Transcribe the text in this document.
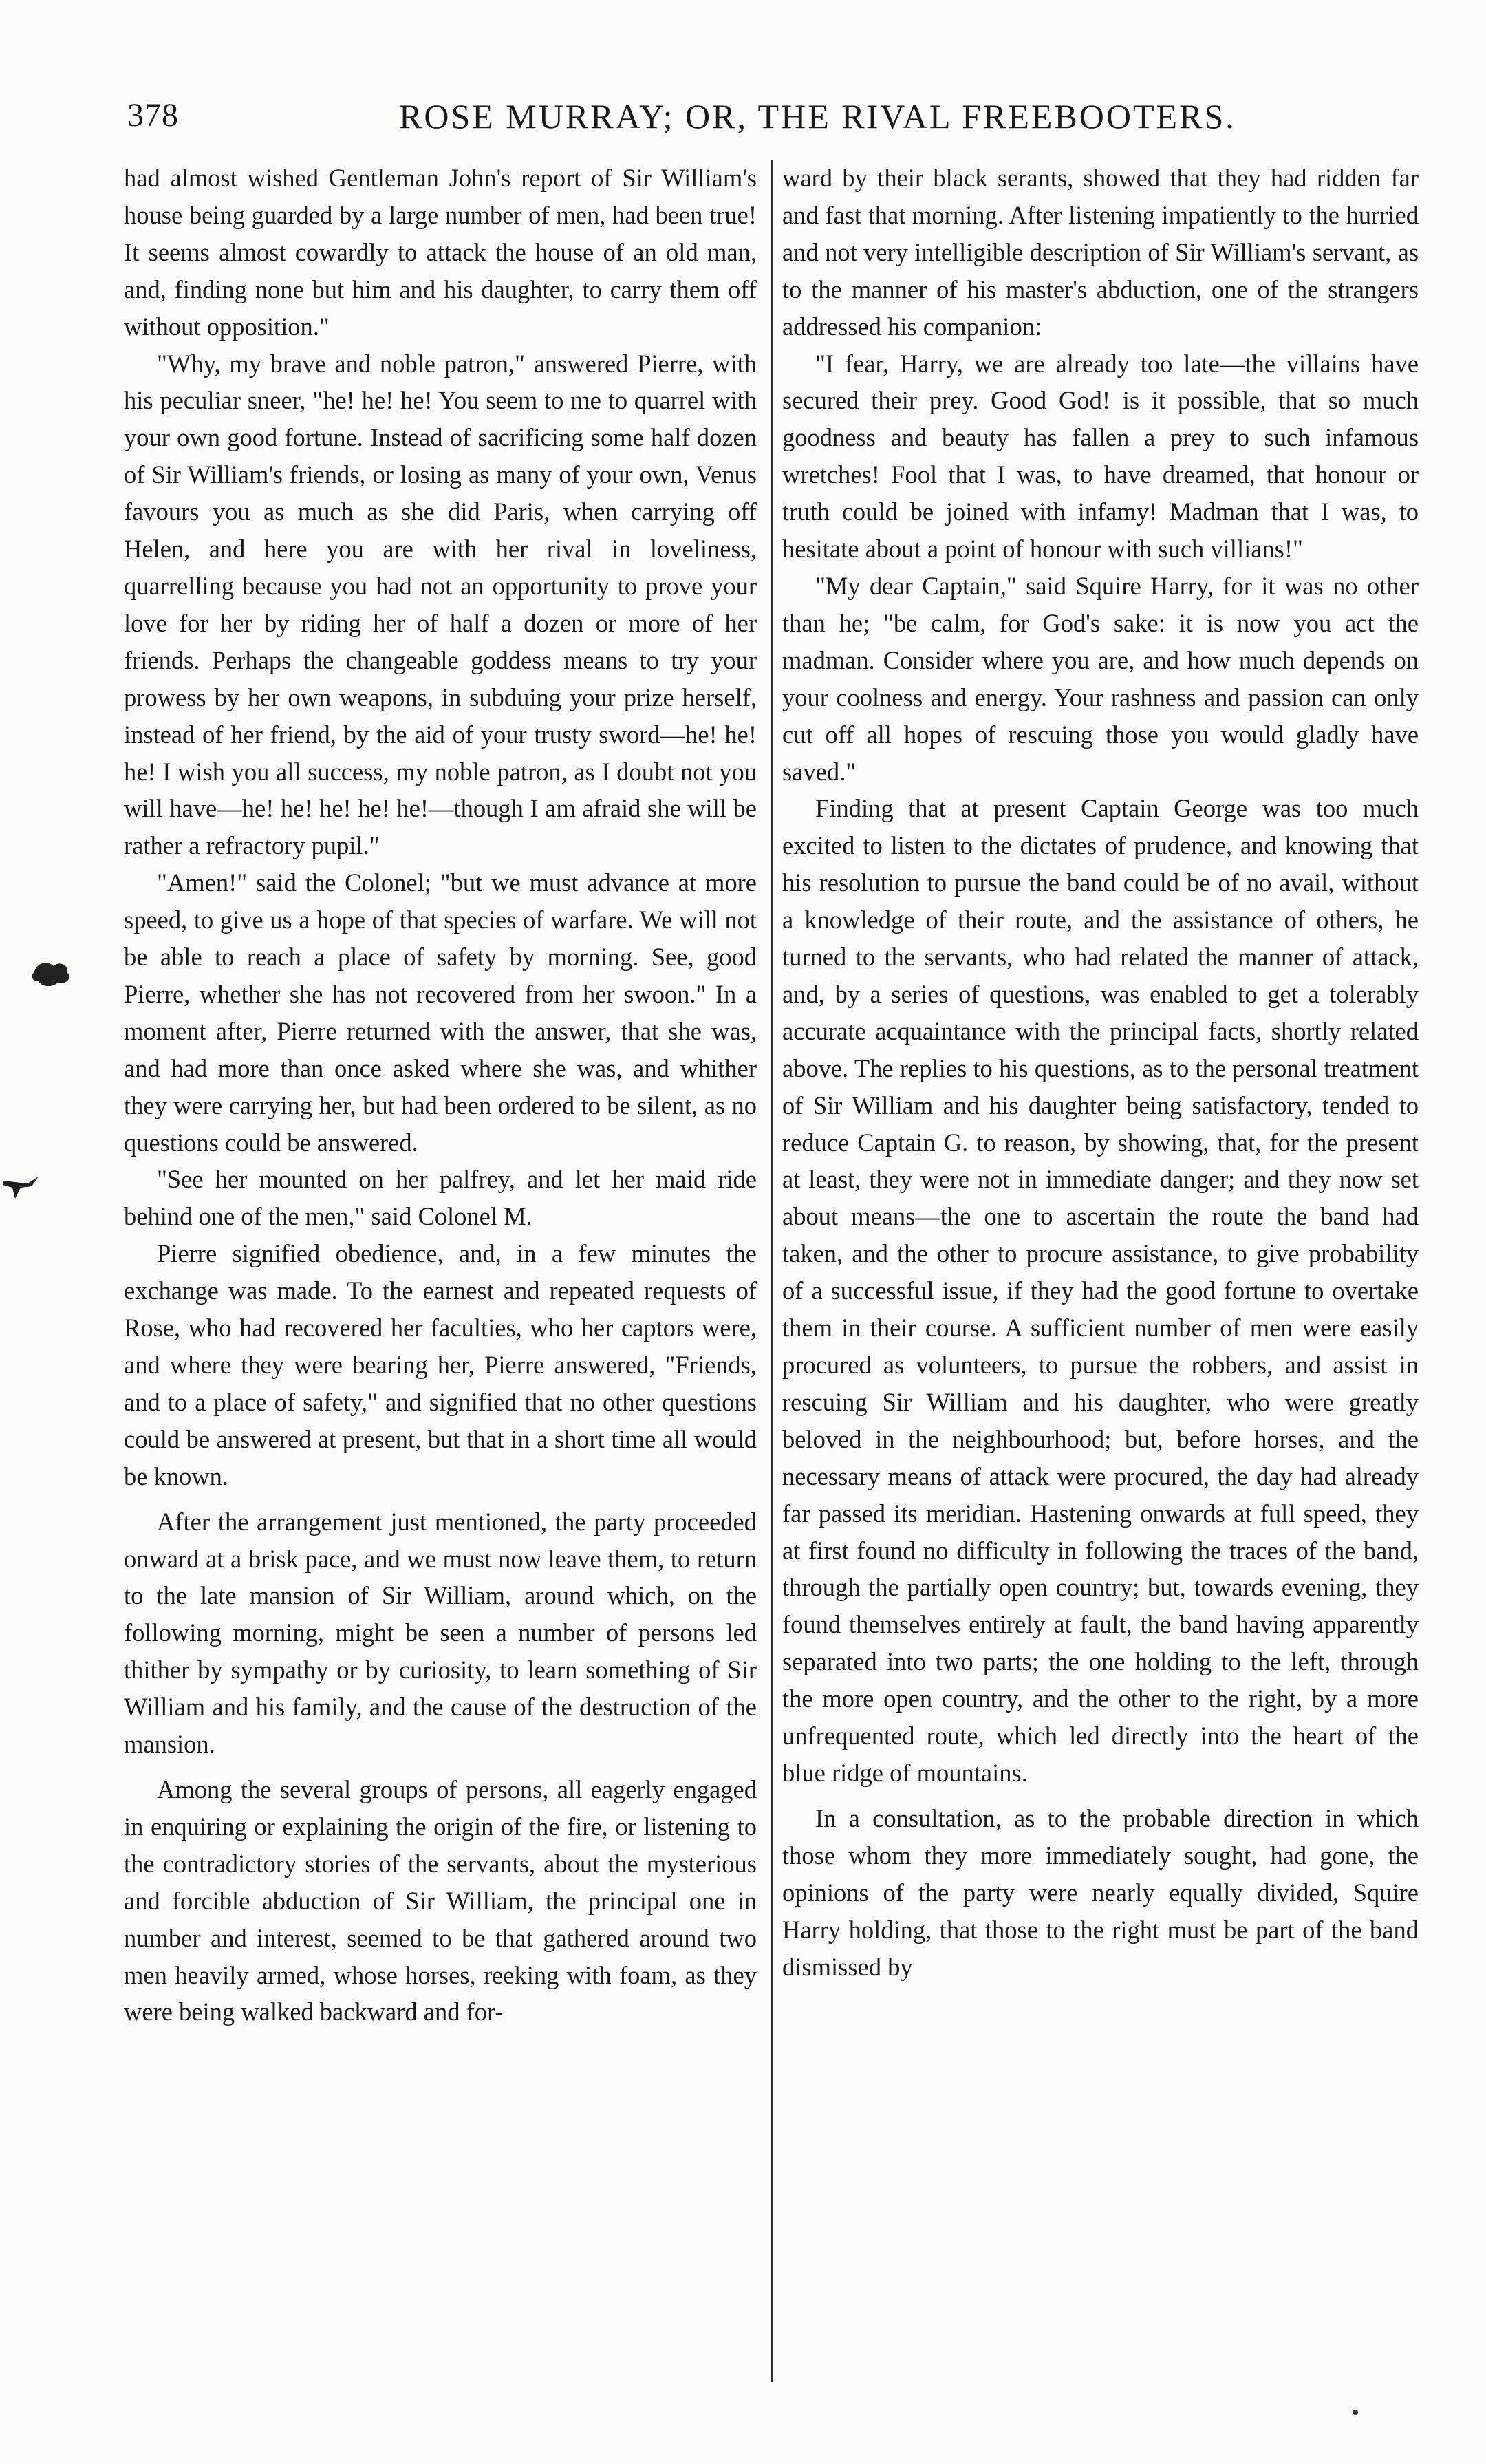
378	ROSE MURRAY; OR, THE RIVAL FREEBOOTERS.

had almost wished Gentleman John's report of Sir William's house being guarded by a large number of men, had been true! It seems almost cowardly to attack the house of an old man, and, finding none but him and his daughter, to carry them off without opposition."

"Why, my brave and noble patron," answered Pierre, with his peculiar sneer, "he! he! he! You seem to me to quarrel with your own good fortune. Instead of sacrificing some half dozen of Sir William's friends, or losing as many of your own, Venus favours you as much as she did Paris, when carrying off Helen, and here you are with her rival in loveliness, quarrelling because you had not an opportunity to prove your love for her by riding her of half a dozen or more of her friends. Perhaps the changeable goddess means to try your prowess by her own weapons, in subduing your prize herself, instead of her friend, by the aid of your trusty sword—he! he! he! I wish you all success, my noble patron, as I doubt not you will have—he! he! he! he! he!—though I am afraid she will be rather a refractory pupil."

"Amen!" said the Colonel; "but we must advance at more speed, to give us a hope of that species of warfare. We will not be able to reach a place of safety by morning. See, good Pierre, whether she has not recovered from her swoon." In a moment after, Pierre returned with the answer, that she was, and had more than once asked where she was, and whither they were carrying her, but had been ordered to be silent, as no questions could be answered.

"See her mounted on her palfrey, and let her maid ride behind one of the men," said Colonel M.

Pierre signified obedience, and, in a few minutes the exchange was made. To the earnest and repeated requests of Rose, who had recovered her faculties, who her captors were, and where they were bearing her, Pierre answered, "Friends, and to a place of safety," and signified that no other questions could be answered at present, but that in a short time all would be known.

After the arrangement just mentioned, the party proceeded onward at a brisk pace, and we must now leave them, to return to the late mansion of Sir William, around which, on the following morning, might be seen a number of persons led thither by sympathy or by curiosity, to learn something of Sir William and his family, and the cause of the destruction of the mansion.

Among the several groups of persons, all eagerly engaged in enquiring or explaining the origin of the fire, or listening to the contradictory stories of the servants, about the mysterious and forcible abduction of Sir William, the principal one in number and interest, seemed to be that gathered around two men heavily armed, whose horses, reeking with foam, as they were being walked backward and for-

ward by their black serants, showed that they had ridden far and fast that morning. After listening impatiently to the hurried and not very intelligible description of Sir William's servant, as to the manner of his master's abduction, one of the strangers addressed his companion:

"I fear, Harry, we are already too late—the villains have secured their prey. Good God! is it possible, that so much goodness and beauty has fallen a prey to such infamous wretches! Fool that I was, to have dreamed, that honour or truth could be joined with infamy! Madman that I was, to hesitate about a point of honour with such villians!"

"My dear Captain," said Squire Harry, for it was no other than he; "be calm, for God's sake: it is now you act the madman. Consider where you are, and how much depends on your coolness and energy. Your rashness and passion can only cut off all hopes of rescuing those you would gladly have saved."

Finding that at present Captain George was too much excited to listen to the dictates of prudence, and knowing that his resolution to pursue the band could be of no avail, without a knowledge of their route, and the assistance of others, he turned to the servants, who had related the manner of attack, and, by a series of questions, was enabled to get a tolerably accurate acquaintance with the principal facts, shortly related above. The replies to his questions, as to the personal treatment of Sir William and his daughter being satisfactory, tended to reduce Captain G. to reason, by showing, that, for the present at least, they were not in immediate danger; and they now set about means—the one to ascertain the route the band had taken, and the other to procure assistance, to give probability of a successful issue, if they had the good fortune to overtake them in their course. A sufficient number of men were easily procured as volunteers, to pursue the robbers, and assist in rescuing Sir William and his daughter, who were greatly beloved in the neighbourhood; but, before horses, and the necessary means of attack were procured, the day had already far passed its meridian. Hastening onwards at full speed, they at first found no difficulty in following the traces of the band, through the partially open country; but, towards evening, they found themselves entirely at fault, the band having apparently separated into two parts; the one holding to the left, through the more open country, and the other to the right, by a more unfrequented route, which led directly into the heart of the blue ridge of mountains.

In a consultation, as to the probable direction in which those whom they more immediately sought, had gone, the opinions of the party were nearly equally divided, Squire Harry holding, that those to the right must be part of the band dismissed by
